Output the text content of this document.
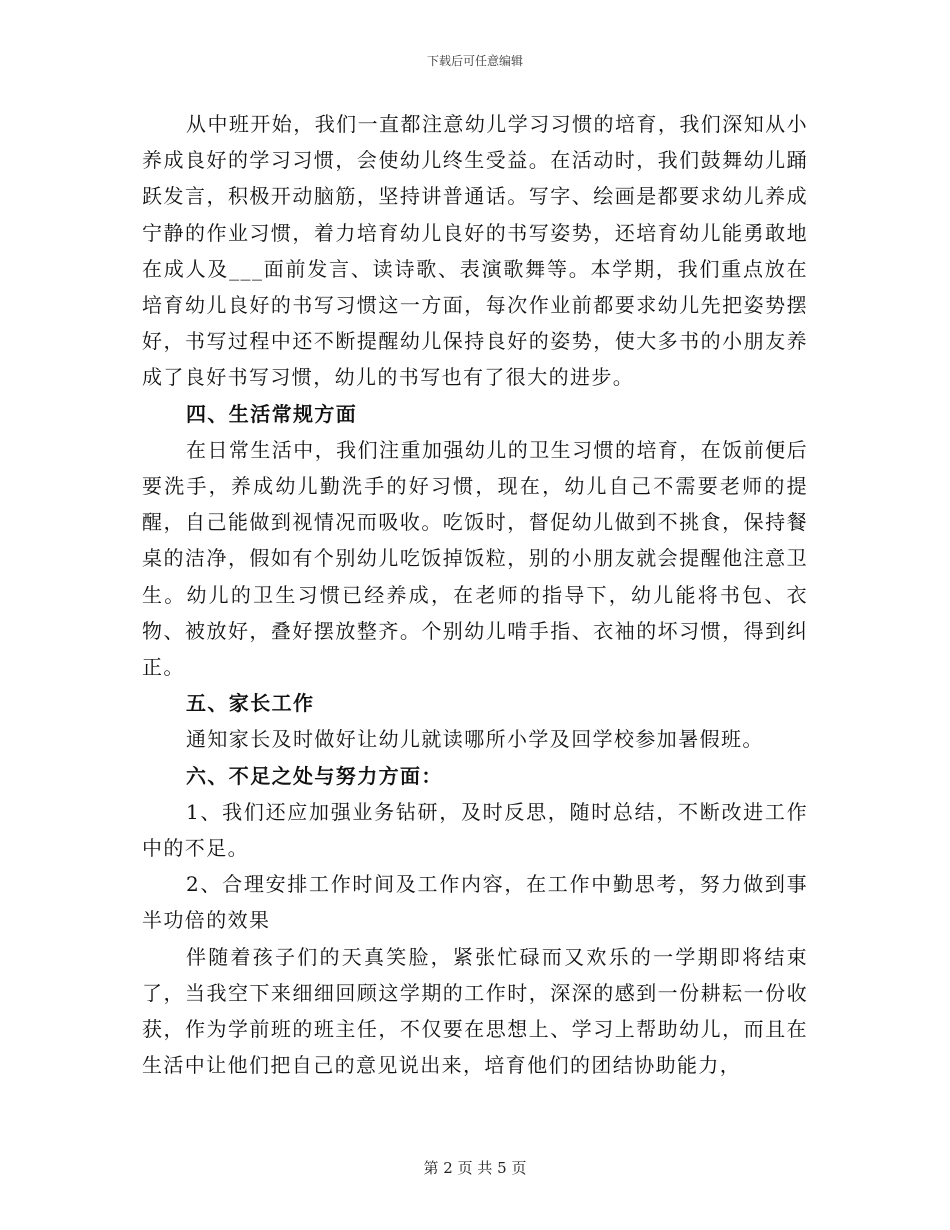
下载后可任意编辑

从中班开始，我们一直都注意幼儿学习习惯的培育，我们深知从小养成良好的学习习惯，会使幼儿终生受益。在活动时，我们鼓舞幼儿踊跃发言，积极开动脑筋，坚持讲普通话。写字、绘画是都要求幼儿养成宁静的作业习惯，着力培育幼儿良好的书写姿势，还培育幼儿能勇敢地在成人及___面前发言、读诗歌、表演歌舞等。本学期，我们重点放在培育幼儿良好的书写习惯这一方面，每次作业前都要求幼儿先把姿势摆好，书写过程中还不断提醒幼儿保持良好的姿势，使大多书的小朋友养成了良好书写习惯，幼儿的书写也有了很大的进步。

四、生活常规方面

在日常生活中，我们注重加强幼儿的卫生习惯的培育，在饭前便后要洗手，养成幼儿勤洗手的好习惯，现在，幼儿自己不需要老师的提醒，自己能做到视情况而吸收。吃饭时，督促幼儿做到不挑食，保持餐桌的洁净，假如有个别幼儿吃饭掉饭粒，别的小朋友就会提醒他注意卫生。幼儿的卫生习惯已经养成，在老师的指导下，幼儿能将书包、衣物、被放好，叠好摆放整齐。个别幼儿啃手指、衣袖的坏习惯，得到纠正。

五、家长工作

通知家长及时做好让幼儿就读哪所小学及回学校参加暑假班。

六、不足之处与努力方面：

1、我们还应加强业务钻研，及时反思，随时总结，不断改进工作中的不足。

2、合理安排工作时间及工作内容，在工作中勤思考，努力做到事半功倍的效果

伴随着孩子们的天真笑脸，紧张忙碌而又欢乐的一学期即将结束了，当我空下来细细回顾这学期的工作时，深深的感到一份耕耘一份收获，作为学前班的班主任，不仅要在思想上、学习上帮助幼儿，而且在生活中让他们把自己的意见说出来，培育他们的团结协助能力，

第 2 页 共 5 页
